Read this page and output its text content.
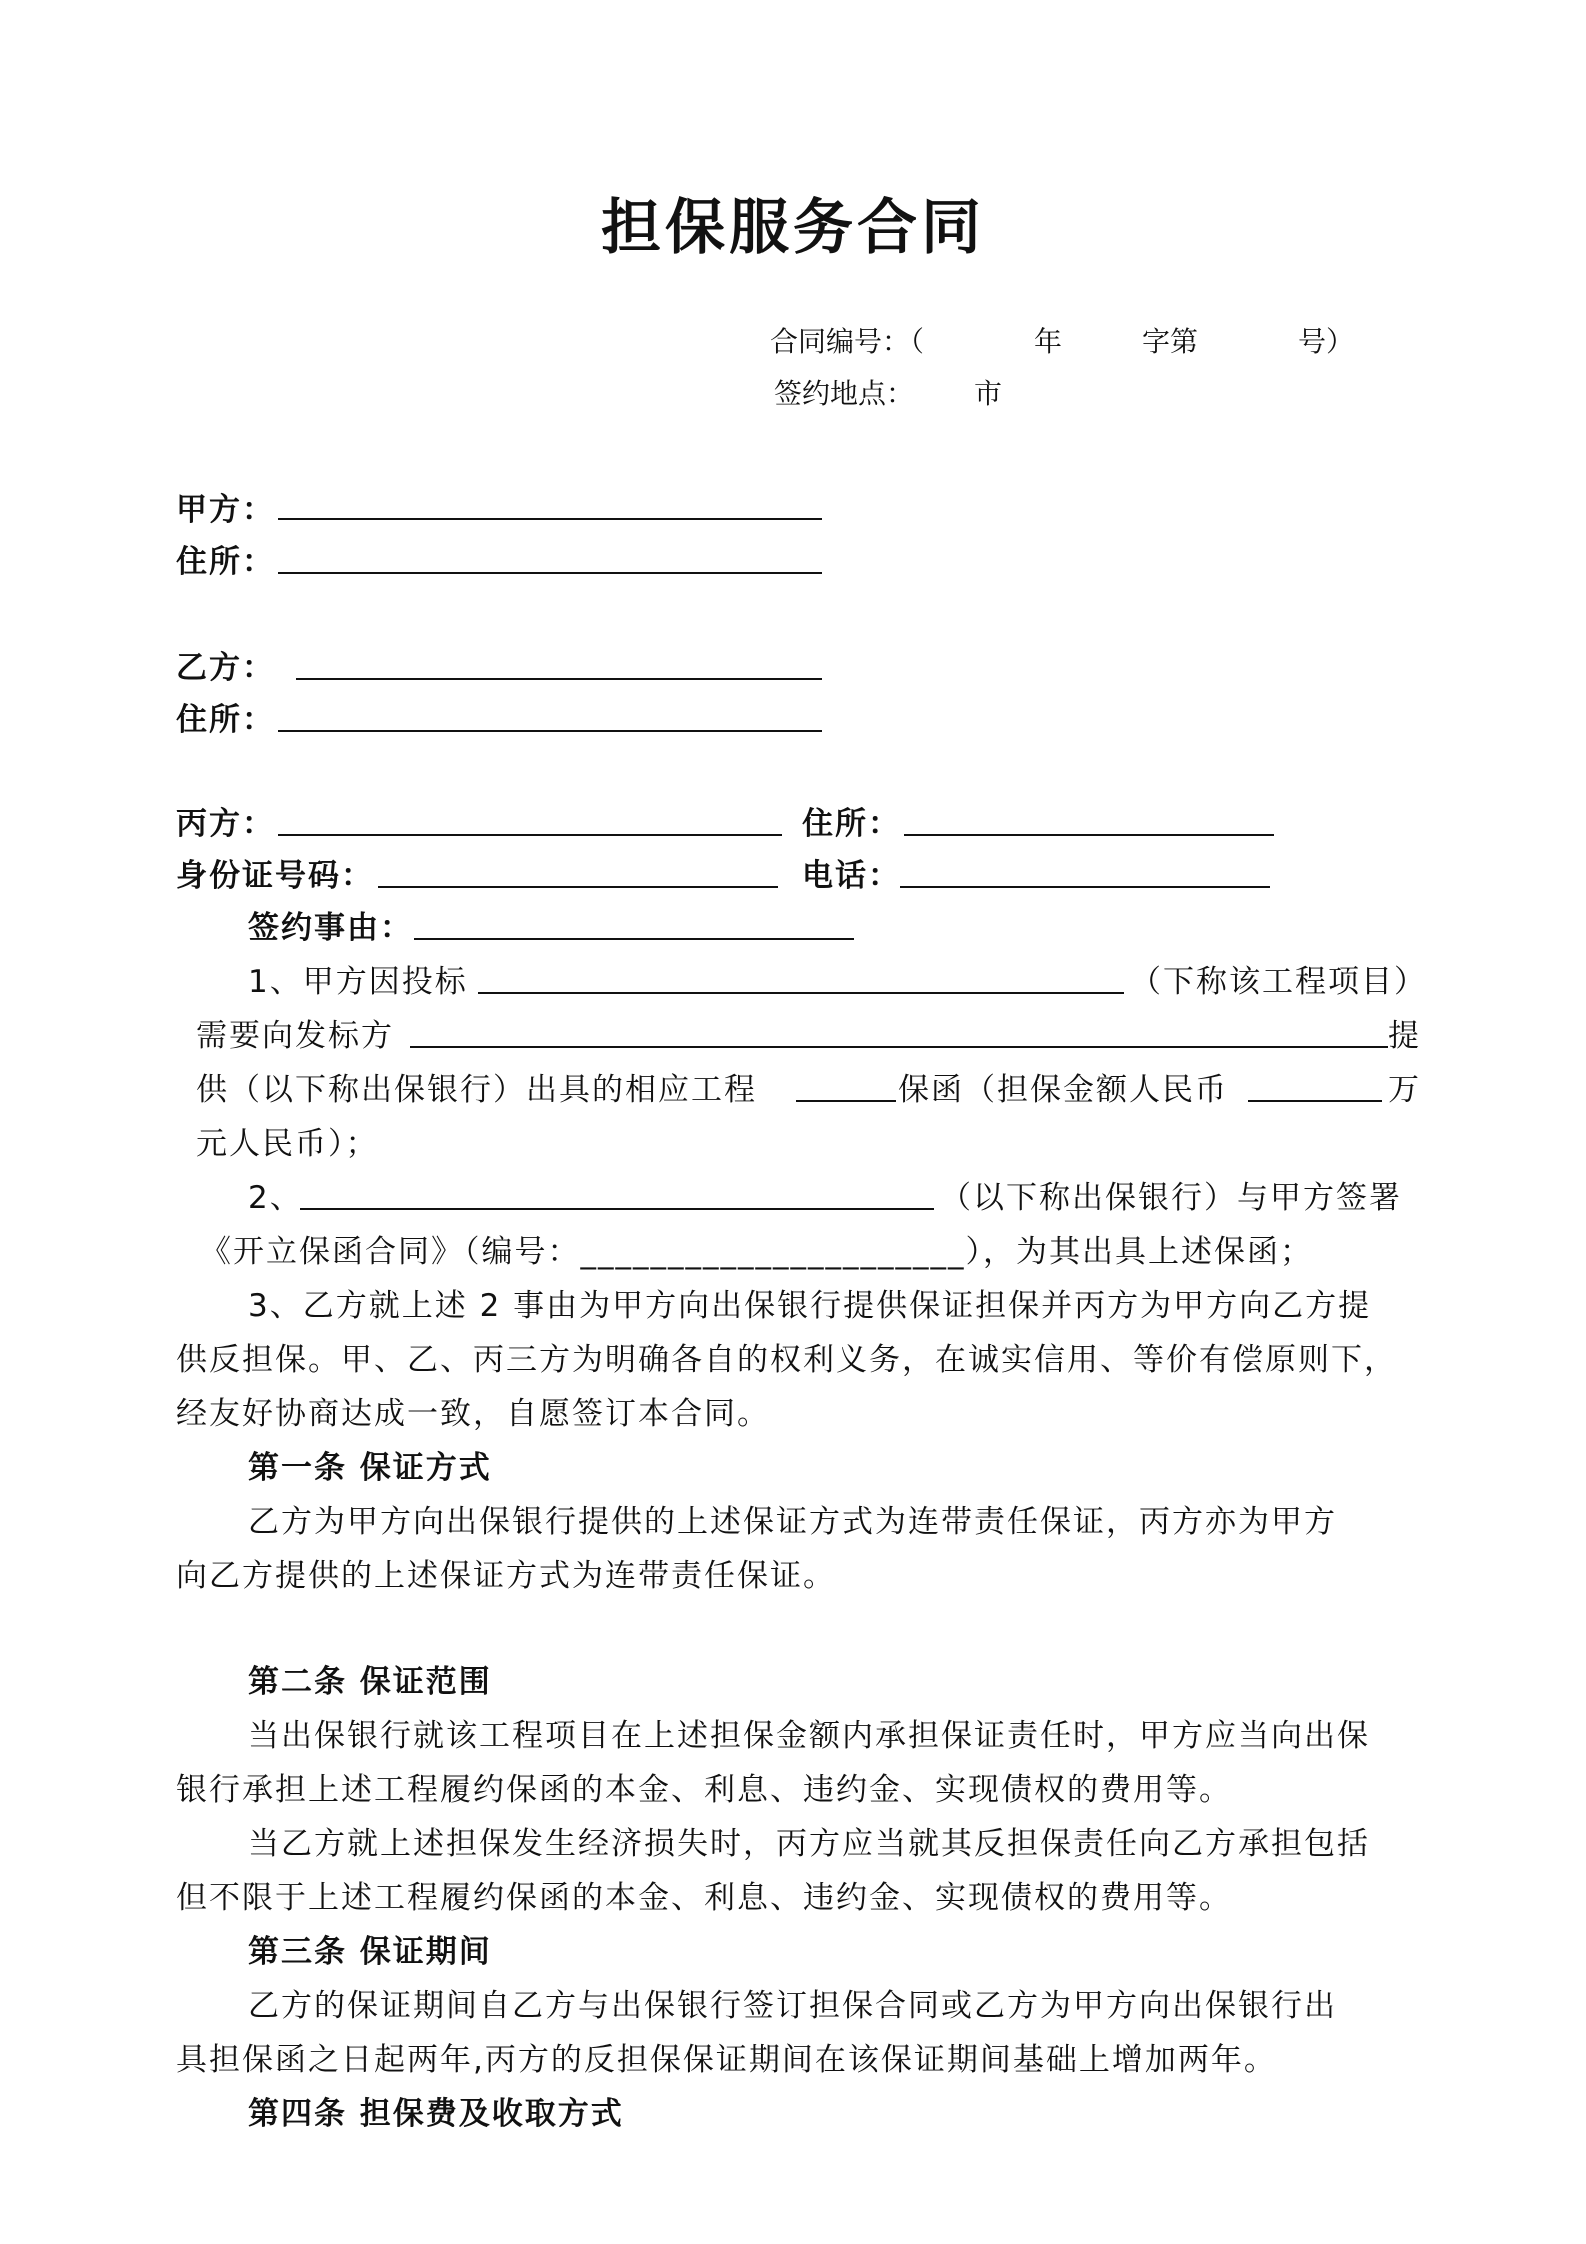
担保服务合同
合同编号：（	年	字第	号）
签约地点： 市
甲方：
住所：
乙方：
住所：
丙方：	住所：
身份证号码：	电话：
签约事由：
1、甲方因投标	（下称该工程项目）
需要向发标方	提
供（以下称出保银行）出具的相应工程	保函（担保金额人民币	万
元人民币）；
2、	（以下称出保银行）与甲方签署
《开立保函合同》（编号：______________________），为其出具上述保函；
3、乙方就上述 2 事由为甲方向出保银行提供保证担保并丙方为甲方向乙方提
供反担保。甲、乙、丙三方为明确各自的权利义务，在诚实信用、等价有偿原则下，
经友好协商达成一致，自愿签订本合同。
第一条 保证方式
乙方为甲方向出保银行提供的上述保证方式为连带责任保证，丙方亦为甲方
向乙方提供的上述保证方式为连带责任保证。
第二条 保证范围
当出保银行就该工程项目在上述担保金额内承担保证责任时，甲方应当向出保
银行承担上述工程履约保函的本金、利息、违约金、实现债权的费用等。
当乙方就上述担保发生经济损失时，丙方应当就其反担保责任向乙方承担包括
但不限于上述工程履约保函的本金、利息、违约金、实现债权的费用等。
第三条 保证期间
乙方的保证期间自乙方与出保银行签订担保合同或乙方为甲方向出保银行出
具担保函之日起两年,丙方的反担保保证期间在该保证期间基础上增加两年。
第四条 担保费及收取方式
